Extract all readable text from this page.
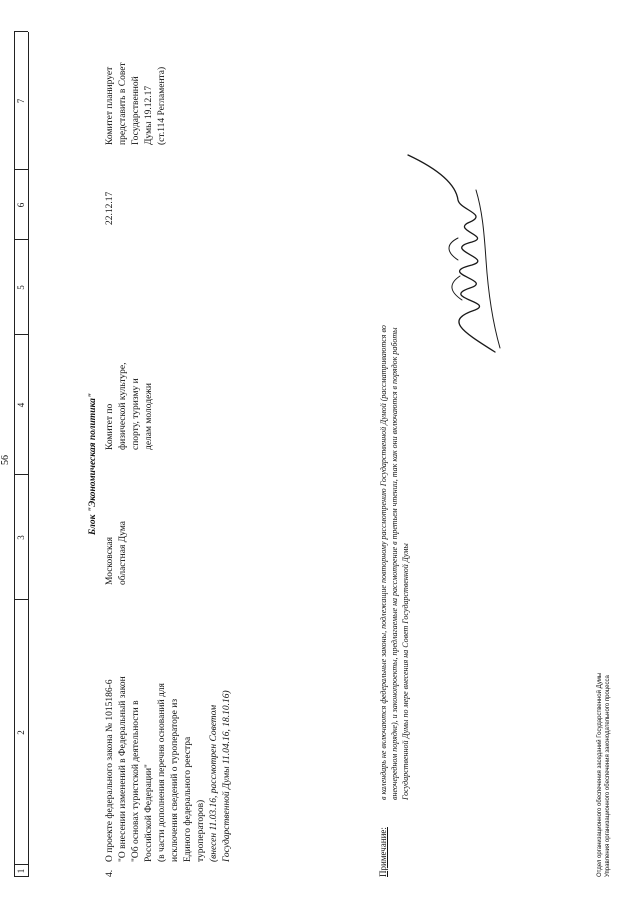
56
1
2
3
4
5
6
7
Блок "Экономическая политика"
4.
О проекте федерального закона № 1015186-6 "О внесении изменений в Федеральный закон "Об основах туристской деятельности в Российской Федерации" (в части дополнения перечня оснований для исключения сведений о туроператоре из Единого федерального реестра туроператоров) (внесен 11.03.16, рассмотрен Советом Государственной Думы 11.04.16, 18.10.16)
Московская областная Дума
Комитет по физической культуре, спорту, туризму и делам молодежи
22.12.17
Комитет планирует представить в Совет Государственной Думы 19.12.17 (ст.114 Регламента)
Примечание:
в календарь не включаются федеральные законы, подлежащие повторному рассмотрению Государственной Думой (рассматриваются во внеочередном порядке), и законопроекты, предлагаемые на рассмотрение в третьем чтении, так как они включаются в порядок работы Государственной Думы по мере внесения на Совет Государственной Думы	Отдел организационного обеспечения заседаний Государственной Думы Управления организационного обеспечения законодательного процесса
